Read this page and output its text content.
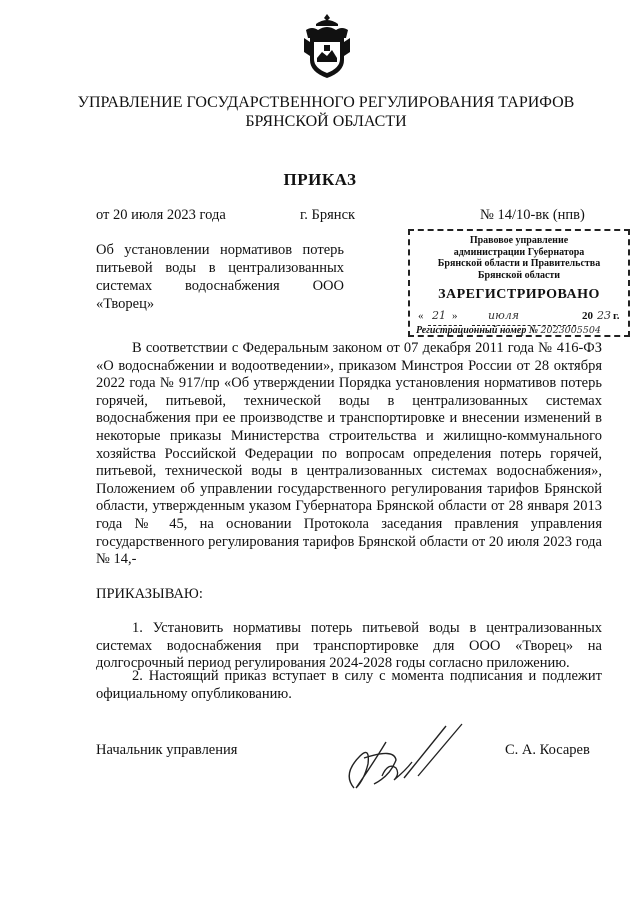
УПРАВЛЕНИЕ ГОСУДАРСТВЕННОГО РЕГУЛИРОВАНИЯ ТАРИФОВ
БРЯНСКОЙ ОБЛАСТИ
ПРИКАЗ
от 20 июля 2023 года	г. Брянск	№ 14/10-вк (нпв)
Об установлении нормативов потерь питьевой воды в централизованных системах водоснабжения ООО «Творец»
Правовое управление
администрации Губернатора
Брянской области и Правительства
Брянской области
ЗАРЕГИСТРИРОВАНО
« 21 »	июля	20 23 г.
Регистрационный номер № 2023005504
В соответствии с Федеральным законом от 07 декабря 2011 года № 416-ФЗ «О водоснабжении и водоотведении», приказом Минстроя России от 28 октября 2022 года № 917/пр «Об утверждении Порядка установления нормативов потерь горячей, питьевой, технической воды в централизованных системах водоснабжения при ее производстве и транспортировке и внесении изменений в некоторые приказы Министерства строительства и жилищно-коммунального хозяйства Российской Федерации по вопросам определения потерь горячей, питьевой, технической воды в централизованных системах водоснабжения», Положением об управлении государственного регулирования тарифов Брянской области, утвержденным указом Губернатора Брянской области от 28 января 2013 года № 45, на основании Протокола заседания правления управления государственного регулирования тарифов Брянской области от 20 июля 2023 года № 14,-
ПРИКАЗЫВАЮ:
1. Установить нормативы потерь питьевой воды в централизованных системах водоснабжения при транспортировке для ООО «Творец» на долгосрочный период регулирования 2024-2028 годы согласно приложению.
2. Настоящий приказ вступает в силу с момента подписания и подлежит официальному опубликованию.
Начальник управления	С. А. Косарев
